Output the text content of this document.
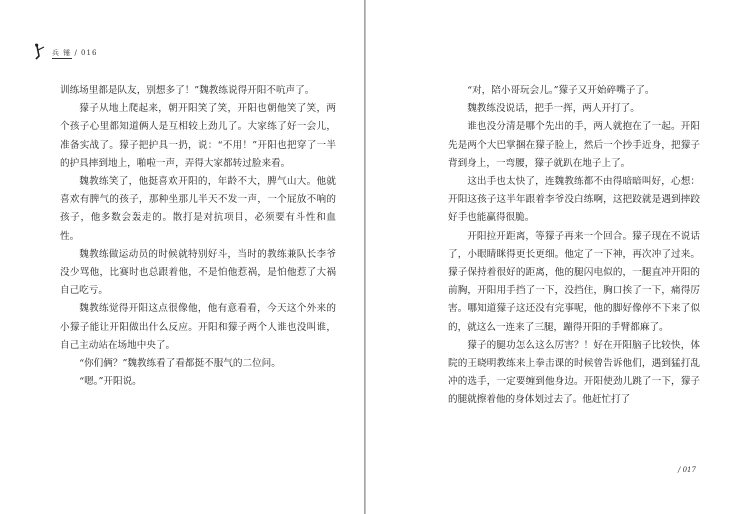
兵 锤 / 016

训练场里都是队友，别想多了！”魏教练说得开阳不吭声了。

獴子从地上爬起来，朝开阳笑了笑，开阳也朝他笑了笑，两个孩子心里都知道俩人是互相较上劲儿了。大家练了好一会儿，准备实战了。獴子把护具一扔，说：“不用！”开阳也把穿了一半的护具摔到地上，啪啦一声，弄得大家都转过脸来看。

魏教练笑了，他挺喜欢开阳的，年龄不大，脾气山大。他就喜欢有脾气的孩子，那种坐那儿半天不发一声，一个屁放不响的孩子，他多数会轰走的。散打是对抗项目，必须要有斗性和血性。

魏教练做运动员的时候就特别好斗，当时的教练兼队长李爷没少骂他，比赛时也总跟着他，不是怕他惹祸，是怕他惹了大祸自己吃亏。

魏教练觉得开阳这点很像他，他有意看看，今天这个外来的小獴子能让开阳做出什么反应。开阳和獴子两个人谁也没叫谁，自己主动站在场地中央了。

“你们俩？”魏教练看了看都挺不服气的二位问。

“嗯。”开阳说。

“对，陪小哥玩会儿。”獴子又开始碎嘴子了。

魏教练没说话，把手一挥，两人开打了。

谁也没分清是哪个先出的手，两人就抱在了一起。开阳先是两个大巴掌捆在獴子脸上，然后一个抄手近身，把獴子背到身上，一弯腰，獴子就趴在地子上了。

这出手也太快了，连魏教练都不由得暗暗叫好，心想：开阳这孩子这半年跟着李爷没白练啊，这把跤就是遇到摔跤好手也能赢得很脆。

开阳拉开距离，等獴子再来一个回合。獴子现在不说话了，小眼睛眯得更长更细。他定了一下神，再次冲了过来。獴子保持着很好的距离，他的腿闪电似的，一腿直冲开阳的前胸，开阳用手挡了一下，没挡住，胸口挨了一下，痛得厉害。哪知道獴子这还没有完事呢，他的脚好像停不下来了似的，就这么一连来了三腿，蹦得开阳的手臂都麻了。

獴子的腿功怎么这么厉害？！好在开阳脑子比较快，体院的王晓明教练来上拳击课的时候曾告诉他们，遇到猛打乱冲的选手，一定要缠到他身边。开阳使劲儿跳了一下，獴子的腿就擦着他的身体划过去了。他赶忙打了

/ 017
